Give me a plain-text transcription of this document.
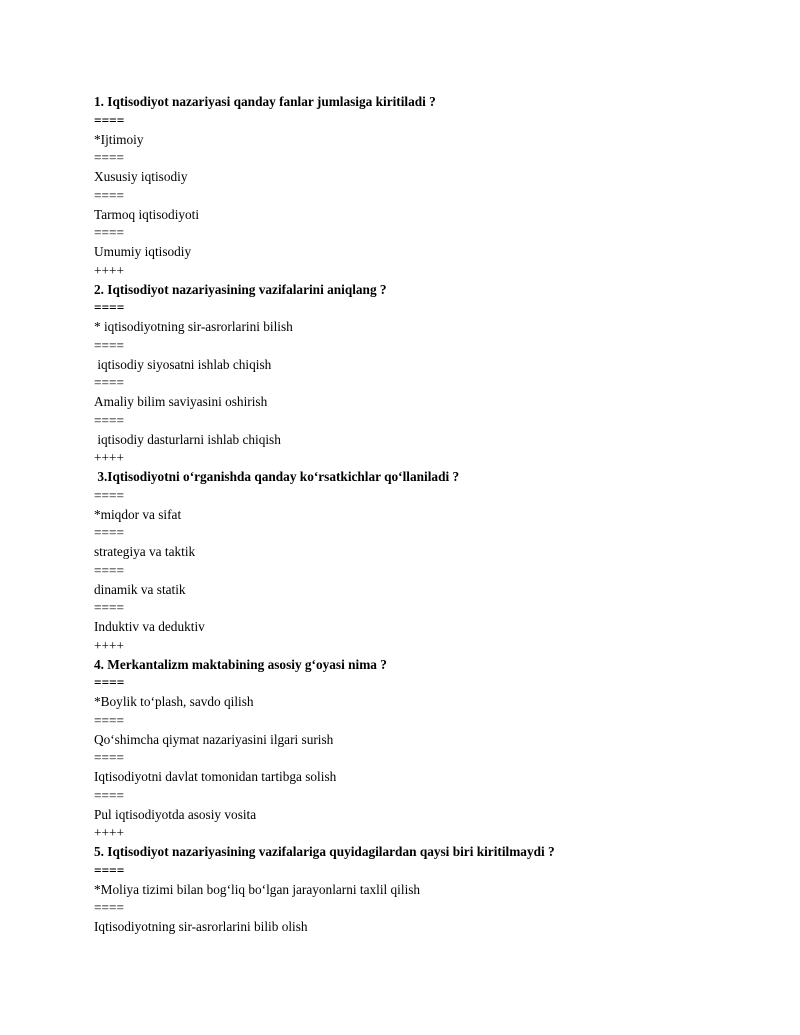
1. Iqtisodiyot nazariyasi qanday fanlar jumlasiga kiritiladi ?
====
*Ijtimoiy
====
Xususiy iqtisodiy
====
Tarmoq iqtisodiyoti
====
Umumiy iqtisodiy
++++
2. Iqtisodiyot nazariyasining vazifalarini aniqlang ?
====
* iqtisodiyotning sir-asrorlarini bilish
====
iqtisodiy siyosatni ishlab chiqish
====
Amaliy bilim saviyasini oshirish
====
iqtisodiy dasturlarni ishlab chiqish
++++
3.Iqtisodiyotni o‘rganishda qanday ko‘rsatkichlar qo‘llaniladi ?
====
*miqdor va sifat
====
strategiya va taktik
====
dinamik va statik
====
Induktiv va deduktiv
++++
4. Merkantalizm maktabining asosiy g‘oyasi nima ?
====
*Boylik to‘plash, savdo qilish
====
Qo‘shimcha qiymat nazariyasini ilgari surish
====
Iqtisodiyotni davlat tomonidan tartibga solish
====
Pul iqtisodiyotda asosiy vosita
++++
5. Iqtisodiyot nazariyasining vazifalariga quyidagilardan qaysi biri kiritilmaydi ?
====
*Moliya tizimi bilan bog‘liq bo‘lgan jarayonlarni taxlil qilish
====
Iqtisodiyotning sir-asrorlarini bilib olish
